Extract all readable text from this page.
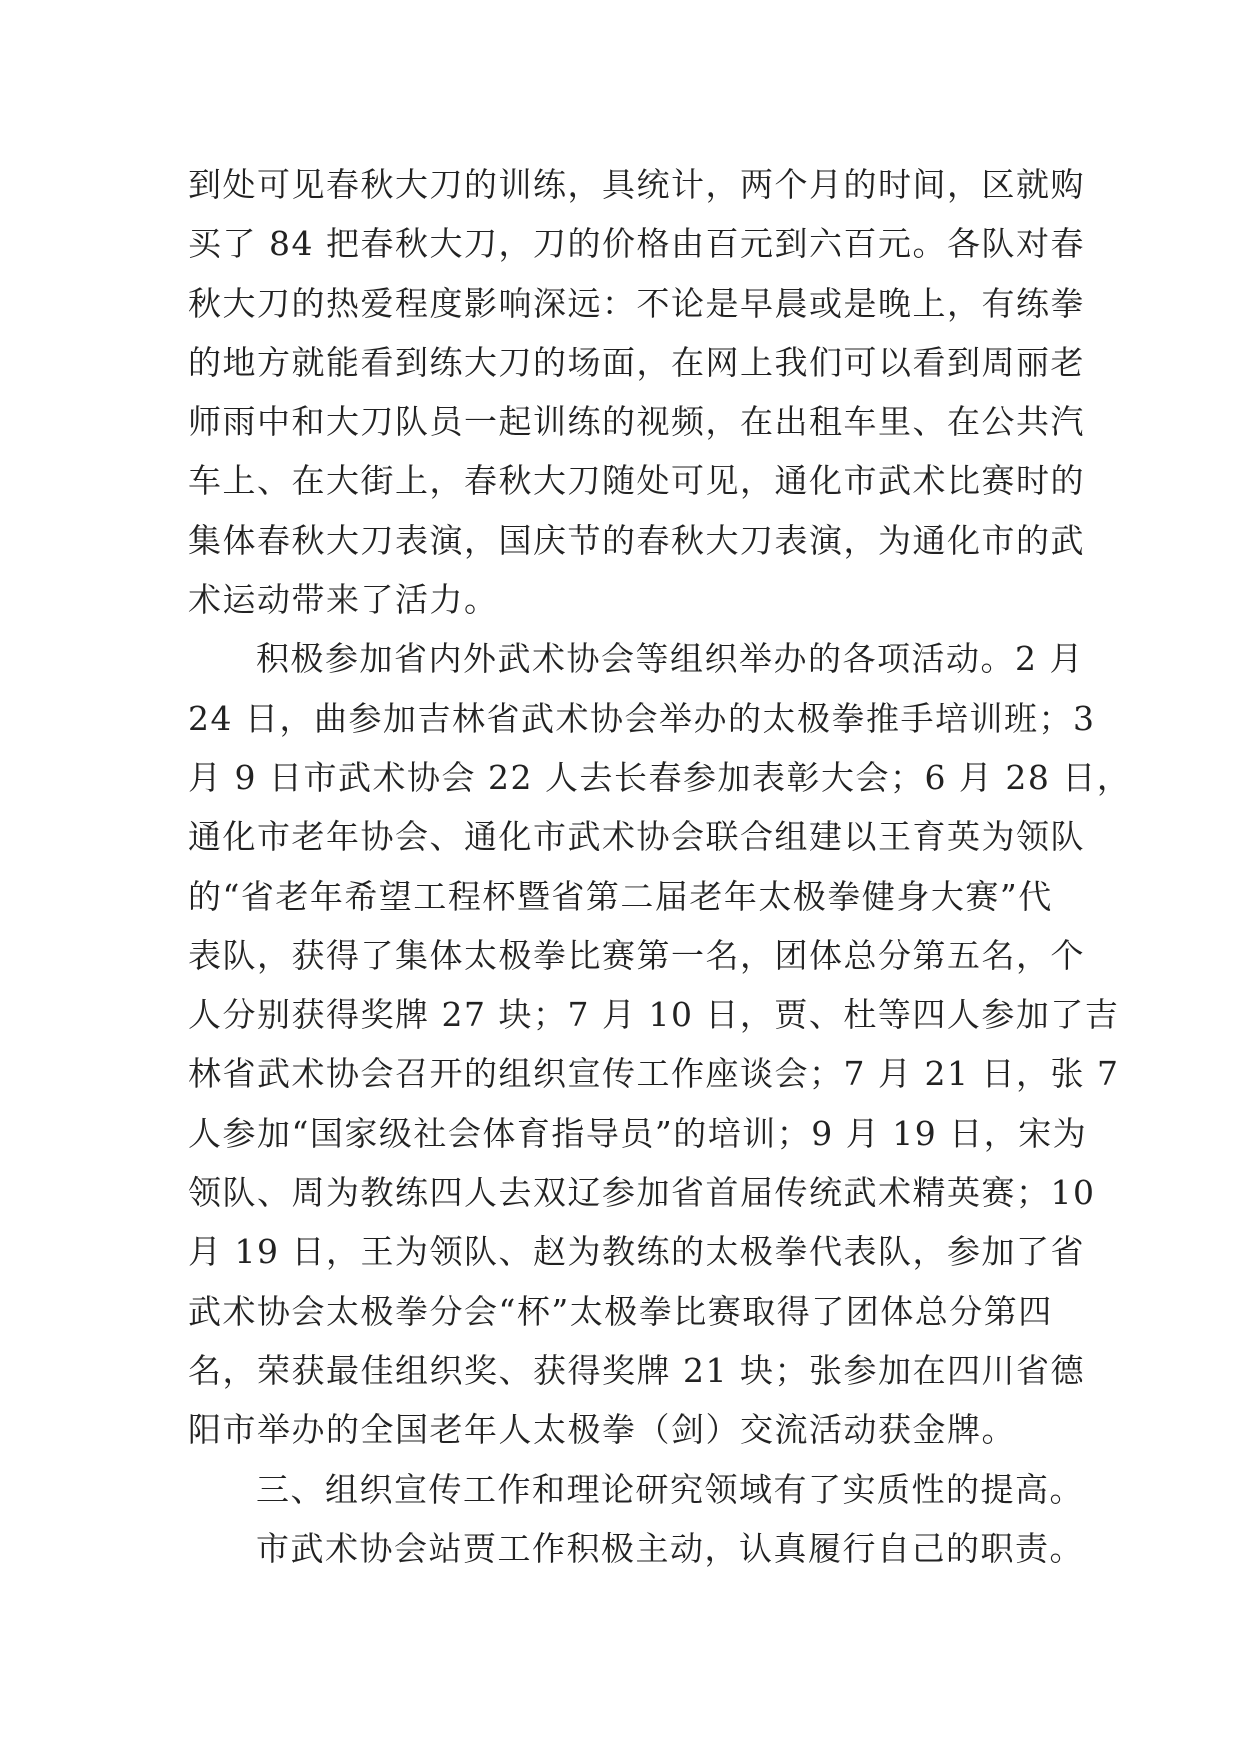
到处可见春秋大刀的训练，具统计，两个月的时间，区就购
买了 84 把春秋大刀，刀的价格由百元到六百元。各队对春
秋大刀的热爱程度影响深远：不论是早晨或是晚上，有练拳
的地方就能看到练大刀的场面，在网上我们可以看到周丽老
师雨中和大刀队员一起训练的视频，在出租车里、在公共汽
车上、在大街上，春秋大刀随处可见，通化市武术比赛时的
集体春秋大刀表演，国庆节的春秋大刀表演，为通化市的武
术运动带来了活力。
积极参加省内外武术协会等组织举办的各项活动。2 月
24 日，曲参加吉林省武术协会举办的太极拳推手培训班；3
月 9 日市武术协会 22 人去长春参加表彰大会；6 月 28 日，
通化市老年协会、通化市武术协会联合组建以王育英为领队
的“省老年希望工程杯暨省第二届老年太极拳健身大赛”代
表队，获得了集体太极拳比赛第一名，团体总分第五名，个
人分别获得奖牌 27 块；7 月 10 日，贾、杜等四人参加了吉
林省武术协会召开的组织宣传工作座谈会；7 月 21 日，张 7
人参加“国家级社会体育指导员”的培训；9 月 19 日，宋为
领队、周为教练四人去双辽参加省首届传统武术精英赛；10
月 19 日，王为领队、赵为教练的太极拳代表队，参加了省
武术协会太极拳分会“杯”太极拳比赛取得了团体总分第四
名，荣获最佳组织奖、获得奖牌 21 块；张参加在四川省德
阳市举办的全国老年人太极拳（剑）交流活动获金牌。
三、组织宣传工作和理论研究领域有了实质性的提高。
市武术协会站贾工作积极主动，认真履行自己的职责。
